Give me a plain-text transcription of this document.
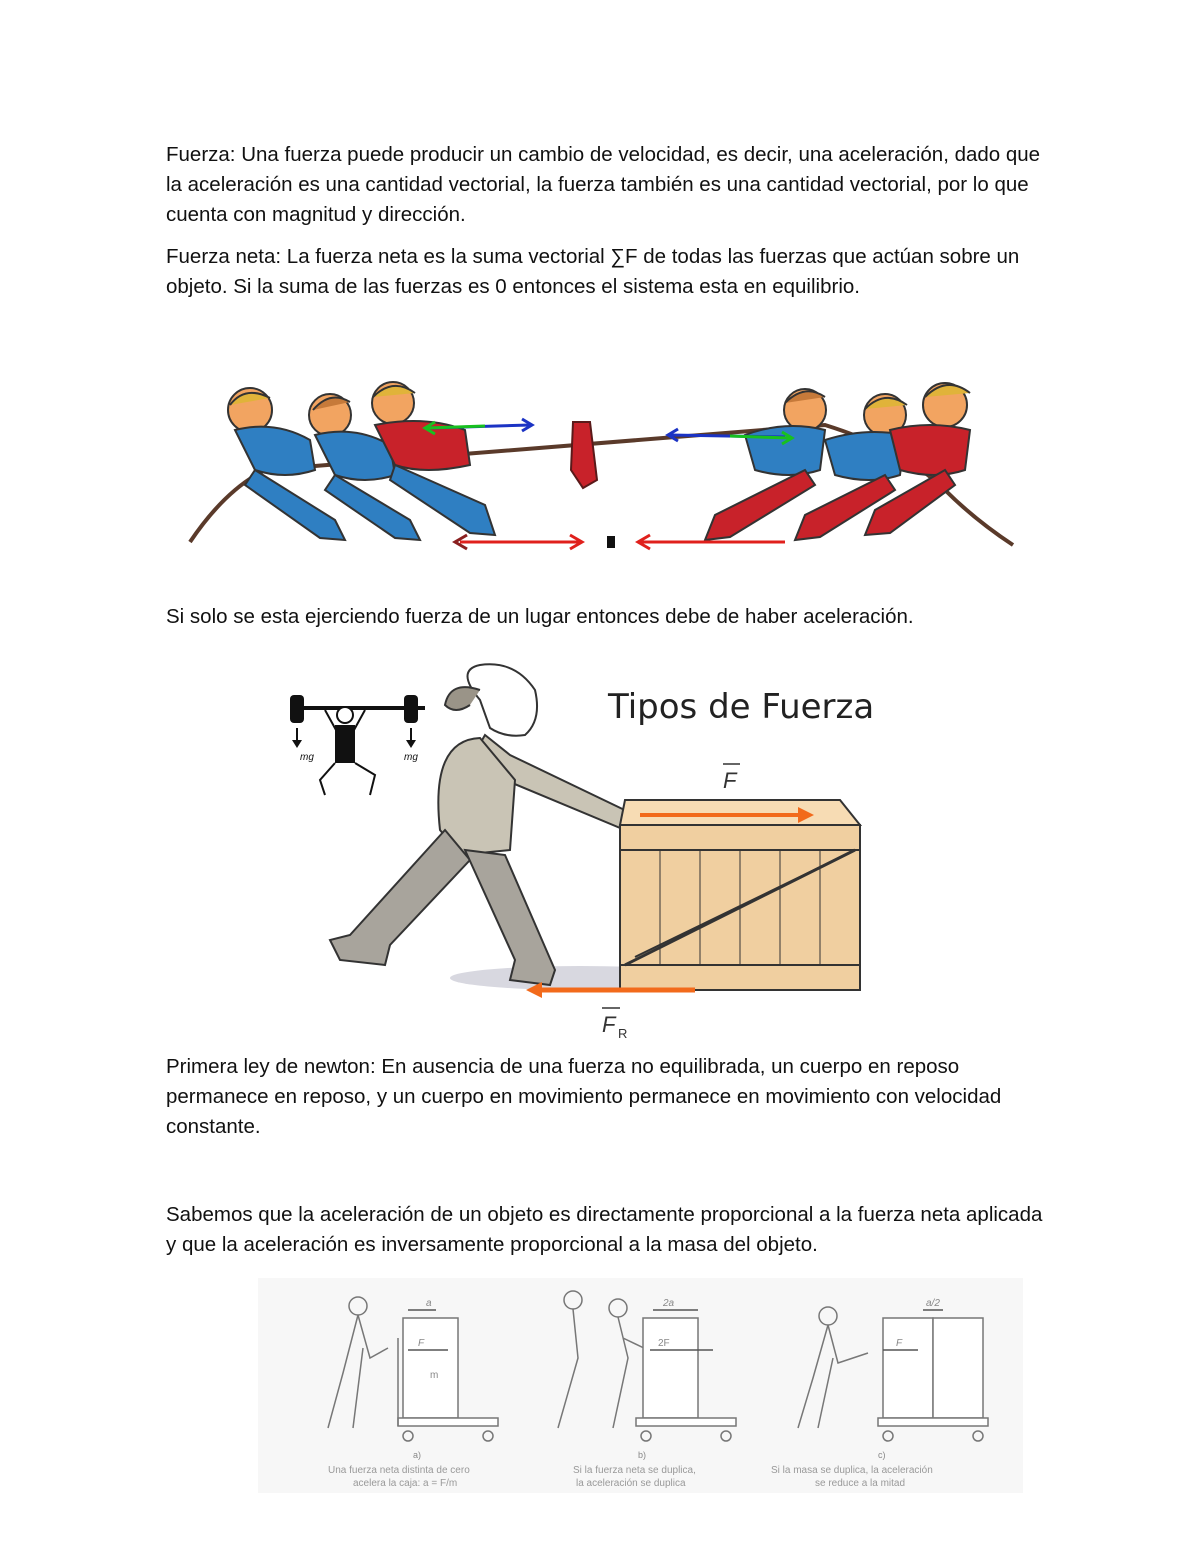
Fuerza: Una fuerza puede producir un cambio de velocidad, es decir, una aceleración, dado que la aceleración es una cantidad vectorial, la fuerza también es una cantidad vectorial, por lo que cuenta con magnitud y dirección.

Fuerza neta: La fuerza neta es la suma vectorial ∑F de todas las fuerzas que actúan sobre un objeto. Si la suma de las fuerzas es 0 entonces el sistema esta en equilibrio.

Si solo se esta ejerciendo fuerza de un lugar entonces debe de haber aceleración.

Tipos de Fuerza
mg	mg
F
F R

Primera ley de newton: En ausencia de una fuerza no equilibrada, un cuerpo en reposo permanece en reposo, y un cuerpo en movimiento permanece en movimiento con velocidad constante.

Sabemos que la aceleración de un objeto es directamente proporcional a la fuerza neta aplicada y que la aceleración es inversamente proporcional a la masa del objeto.

a
F
m
2a
2F
a/2
F
a)
Una fuerza neta distinta de cero
acelera la caja: a = F/m
b)
Si la fuerza neta se duplica,
la aceleración se duplica
c)
Si la masa se duplica, la aceleración
se reduce a la mitad
